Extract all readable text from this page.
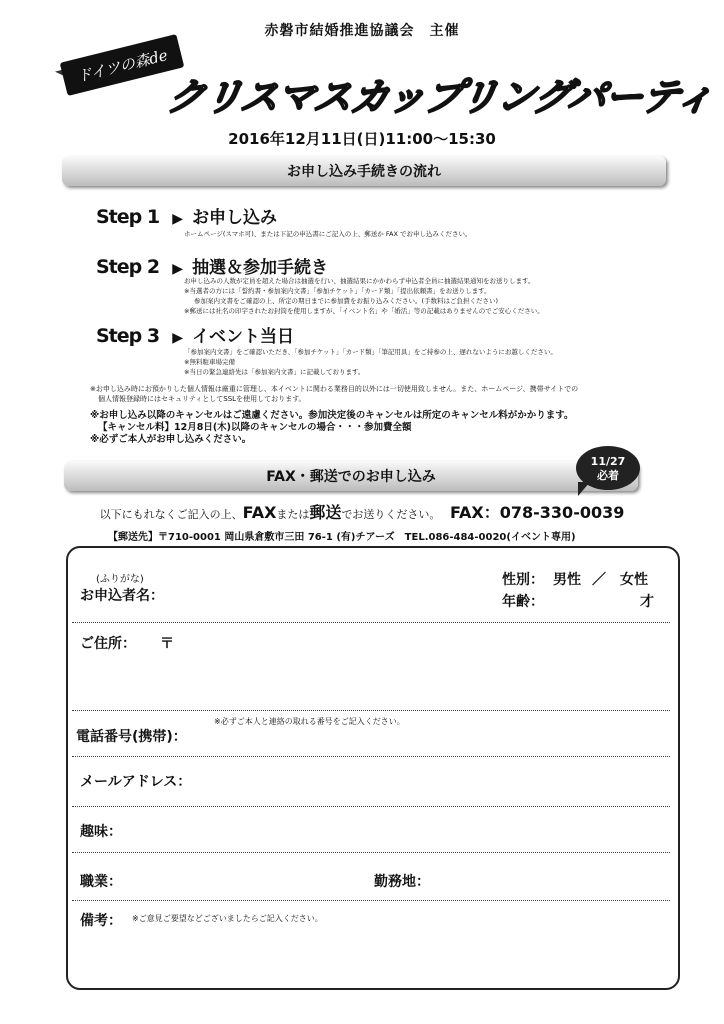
赤磐市結婚推進協議会　主催
ドイツの森de
クリスマスカップリングパーティ
2016年12月11日(日)11:00〜15:30
お申し込み手続きの流れ
Step 1 ▶ お申し込み
ホームページ(スマホ可)、または下記の申込書にご記入の上、郵送か FAX でお申し込みください。
Step 2 ▶ 抽選＆参加手続き
お申し込みの人数が定員を超えた場合は抽選を行い、抽選結果にかかわらず申込者全員に抽選結果通知をお送りします。
※当選者の方には「誓約書・参加案内文書」「参加チケット」「カード類」「提出依頼書」をお送りします。
参加案内文書をご確認の上、所定の期日までに参加費をお振り込みください。(手数料はご負担ください)
※郵送には社名の印字されたお封筒を使用しますが、「イベント名」や「婚活」等の記載はありませんのでご安心ください。
Step 3 ▶ イベント当日
「参加案内文書」をご確認いただき、「参加チケット」「カード類」「筆記用具」をご持参の上、遅れないようにお越しください。
※無料駐車場完備
※当日の緊急連絡先は「参加案内文書」に記載しております。
※お申し込み時にお預かりした個人情報は厳重に管理し、本イベントに関わる業務目的以外には一切使用致しません。また、ホームページ、携帯サイトでの
個人情報登録時にはセキュリティとしてSSLを使用しております。
※お申し込み以降のキャンセルはご遠慮ください。参加決定後のキャンセルは所定のキャンセル料がかかります。
【キャンセル料】12月8日(木)以降のキャンセルの場合・・・参加費全額
※必ずご本人がお申し込みください。
FAX・郵送でのお申し込み
11/27
必着
以下にもれなくご記入の上、FAXまたは郵送でお送りください。 FAX：078-330-0039
【郵送先】〒710-0001 岡山県倉敷市三田 76-1 (有)チアーズ　TEL.086-484-0020(イベント専用)
(ふりがな)
お申込者名：
性別： 男性 ／ 女性
年齢：	才
ご住所： 〒
※必ずご本人と連絡の取れる番号をご記入ください。
電話番号(携帯)：
メールアドレス：
趣味：
職業：	勤務地：
備考： ※ご意見ご要望などございましたらご記入ください。
